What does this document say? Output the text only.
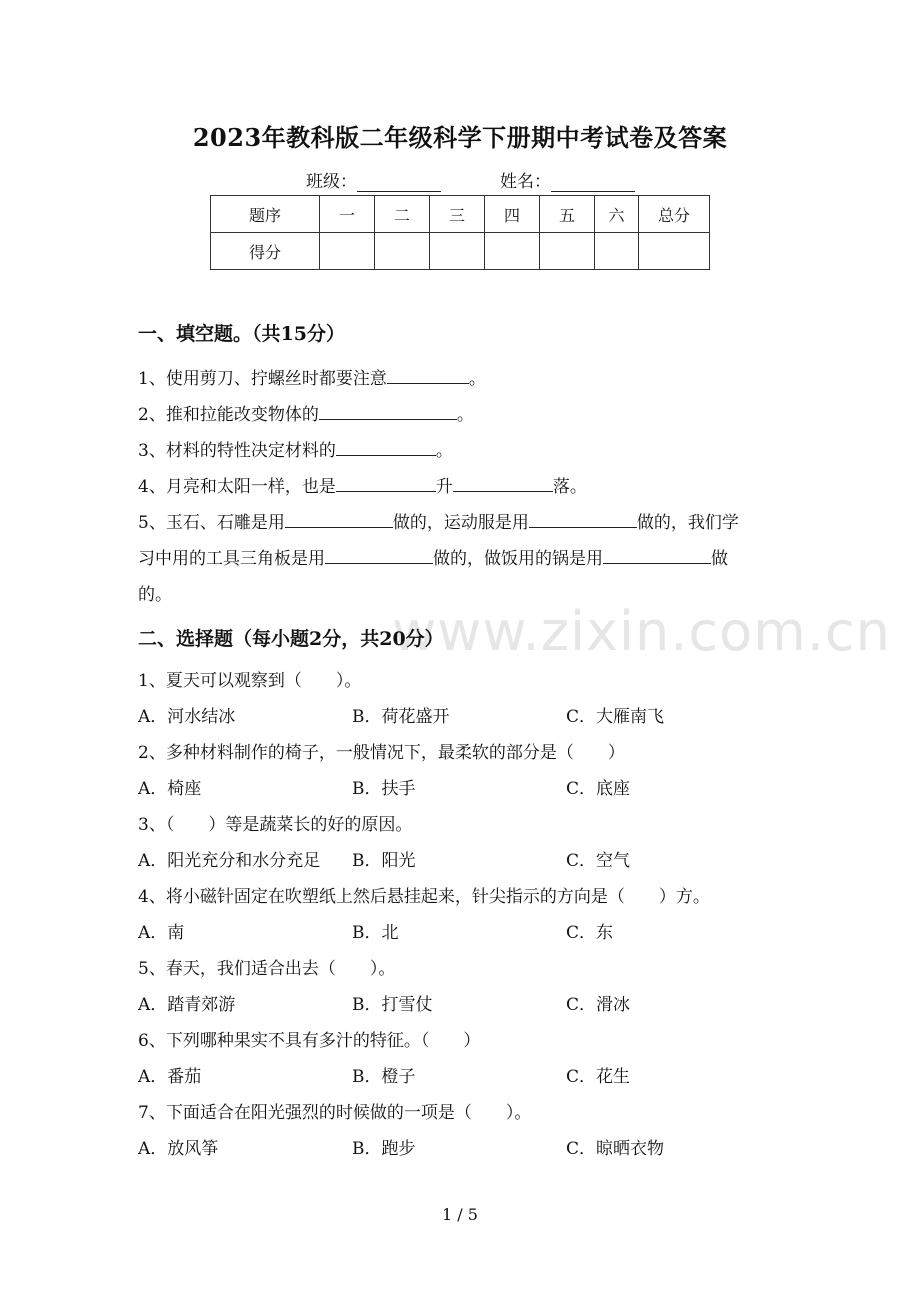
www.zixin.com.cn
2023年教科版二年级科学下册期中考试卷及答案
班级：	姓名：
题序	一	二	三	四	五	六	总分
得分							
一、填空题。（共15分）
1、使用剪刀、拧螺丝时都要注意	。
2、推和拉能改变物体的	。
3、材料的特性决定材料的	。
4、月亮和太阳一样，也是	升	落。
5、玉石、石雕是用	做的，运动服是用	做的，我们学
习中用的工具三角板是用	做的，做饭用的锅是用	做
的。
二、选择题（每小题2分，共20分）
1、夏天可以观察到（　　）。
A．河水结冰	B．荷花盛开	C．大雁南飞
2、多种材料制作的椅子，一般情况下，最柔软的部分是（　　）
A．椅座	B．扶手	C．底座
3、（　　）等是蔬菜长的好的原因。
A．阳光充分和水分充足 B．阳光	C．空气
4、将小磁针固定在吹塑纸上然后悬挂起来，针尖指示的方向是（　　）方。
A．南	B．北	C．东
5、春天，我们适合出去（　　）。
A．踏青郊游	B．打雪仗	C．滑冰
6、下列哪种果实不具有多汁的特征。（　　）
A．番茄	B．橙子	C．花生
7、下面适合在阳光强烈的时候做的一项是（　　）。
A．放风筝	B．跑步	C．晾晒衣物
1 / 5
